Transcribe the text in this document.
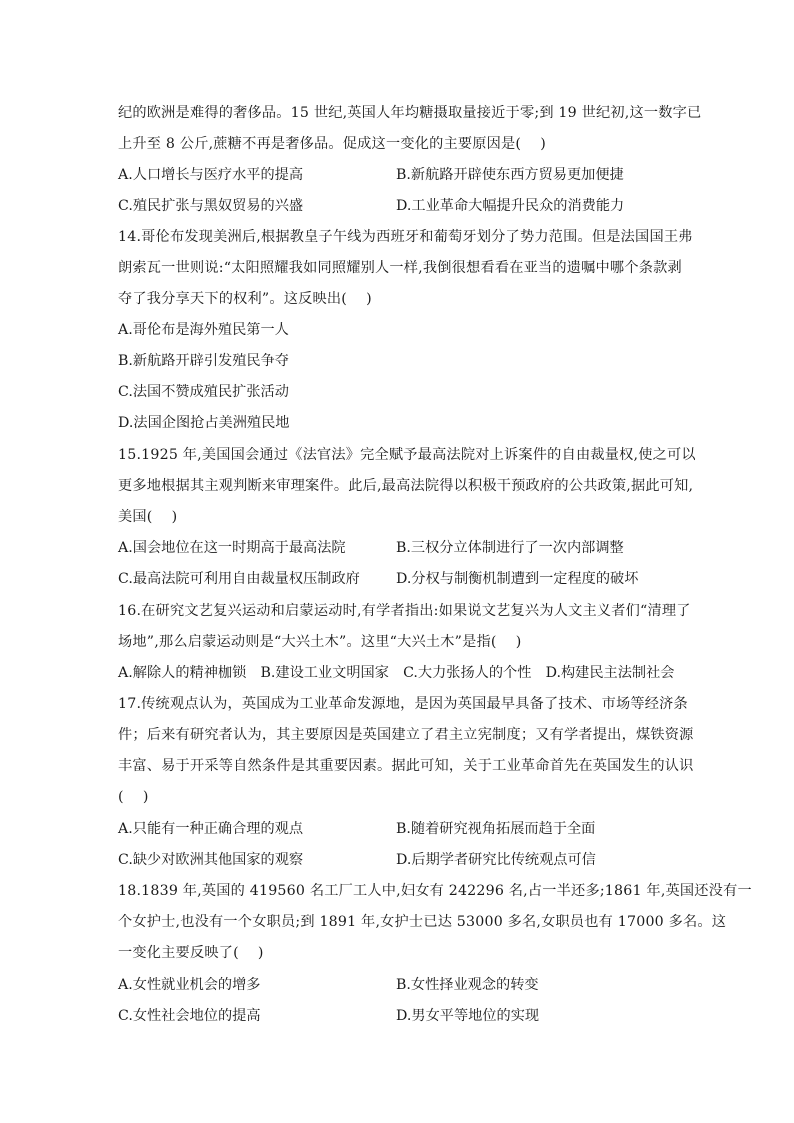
纪的欧洲是难得的奢侈品。15 世纪,英国人年均糖摄取量接近于零;到 19 世纪初,这一数字已
上升至 8 公斤,蔗糖不再是奢侈品。促成这一变化的主要原因是(　 )
A.人口增长与医疗水平的提高	B.新航路开辟使东西方贸易更加便捷
C.殖民扩张与黑奴贸易的兴盛	D.工业革命大幅提升民众的消费能力
14.哥伦布发现美洲后,根据教皇子午线为西班牙和葡萄牙划分了势力范围。但是法国国王弗
朗索瓦一世则说:“太阳照耀我如同照耀别人一样,我倒很想看看在亚当的遗嘱中哪个条款剥
夺了我分享天下的权利”。这反映出(　 )
A.哥伦布是海外殖民第一人
B.新航路开辟引发殖民争夺
C.法国不赞成殖民扩张活动
D.法国企图抢占美洲殖民地
15.1925 年,美国国会通过《法官法》完全赋予最高法院对上诉案件的自由裁量权,使之可以
更多地根据其主观判断来审理案件。此后,最高法院得以积极干预政府的公共政策,据此可知,
美国(　 )
A.国会地位在这一时期高于最高法院	B.三权分立体制进行了一次内部调整
C.最高法院可利用自由裁量权压制政府	D.分权与制衡机制遭到一定程度的破坏
16.在研究文艺复兴运动和启蒙运动时,有学者指出:如果说文艺复兴为人文主义者们“清理了
场地”,那么启蒙运动则是“大兴土木”。这里“大兴土木”是指(　 )
A.解除人的精神枷锁　B.建设工业文明国家　C.大力张扬人的个性　D.构建民主法制社会
17.传统观点认为，英国成为工业革命发源地，是因为英国最早具备了技术、市场等经济条
件；后来有研究者认为，其主要原因是英国建立了君主立宪制度；又有学者提出，煤铁资源
丰富、易于开采等自然条件是其重要因素。据此可知，关于工业革命首先在英国发生的认识
(　 )
A.只能有一种正确合理的观点	B.随着研究视角拓展而趋于全面
C.缺少对欧洲其他国家的观察	D.后期学者研究比传统观点可信
18.1839 年,英国的 419560 名工厂工人中,妇女有 242296 名,占一半还多;1861 年,英国还没有一
个女护士,也没有一个女职员;到 1891 年,女护士已达 53000 多名,女职员也有 17000 多名。这
一变化主要反映了(　 )
A.女性就业机会的增多	B.女性择业观念的转变
C.女性社会地位的提高	D.男女平等地位的实现
